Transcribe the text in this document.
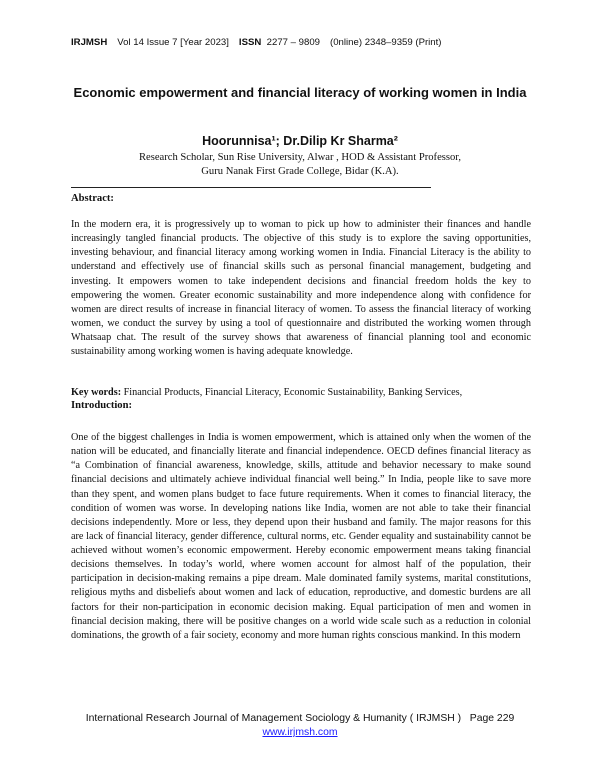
IRJMSH Vol 14 Issue 7 [Year 2023] ISSN 2277 – 9809 (0nline) 2348–9359 (Print)
Economic empowerment and financial literacy of working women in India
Hoorunnisa¹; Dr.Dilip Kr Sharma²
Research Scholar, Sun Rise University, Alwar , HOD & Assistant Professor,
Guru Nanak First Grade College, Bidar (K.A).
Abstract:
In the modern era, it is progressively up to woman to pick up how to administer their finances and handle increasingly tangled financial products. The objective of this study is to explore the saving opportunities, investing behaviour, and financial literacy among working women in India. Financial Literacy is the ability to understand and effectively use of financial skills such as personal financial management, budgeting and investing. It empowers women to take independent decisions and financial freedom holds the key to empowering the women. Greater economic sustainability and more independence along with confidence for women are direct results of increase in financial literacy of women. To assess the financial literacy of working women, we conduct the survey by using a tool of questionnaire and distributed the working women through Whatsaap chat. The result of the survey shows that awareness of financial planning tool and economic sustainability among working women is having adequate knowledge.
Key words: Financial Products, Financial Literacy, Economic Sustainability, Banking Services,
Introduction:
One of the biggest challenges in India is women empowerment, which is attained only when the women of the nation will be educated, and financially literate and financial independence. OECD defines financial literacy as “a Combination of financial awareness, knowledge, skills, attitude and behavior necessary to make sound financial decisions and ultimately achieve individual financial well being.” In India, people like to save more than they spent, and women plans budget to face future requirements. When it comes to financial literacy, the condition of women was worse. In developing nations like India, women are not able to take their financial decisions independently. More or less, they depend upon their husband and family. The major reasons for this are lack of financial literacy, gender difference, cultural norms, etc. Gender equality and sustainability cannot be achieved without women’s economic empowerment. Hereby economic empowerment means taking financial decisions themselves. In today’s world, where women account for almost half of the population, their participation in decision-making remains a pipe dream. Male dominated family systems, marital constitutions, religious myths and disbeliefs about women and lack of education, reproductive, and domestic burdens are all factors for their non-participation in economic decision making. Equal participation of men and women in financial decision making, there will be positive changes on a world wide scale such as a reduction in colonial dominations, the growth of a fair society, economy and more human rights conscious mankind. In this modern
International Research Journal of Management Sociology & Humanity ( IRJMSH ) Page 229
www.irjmsh.com
